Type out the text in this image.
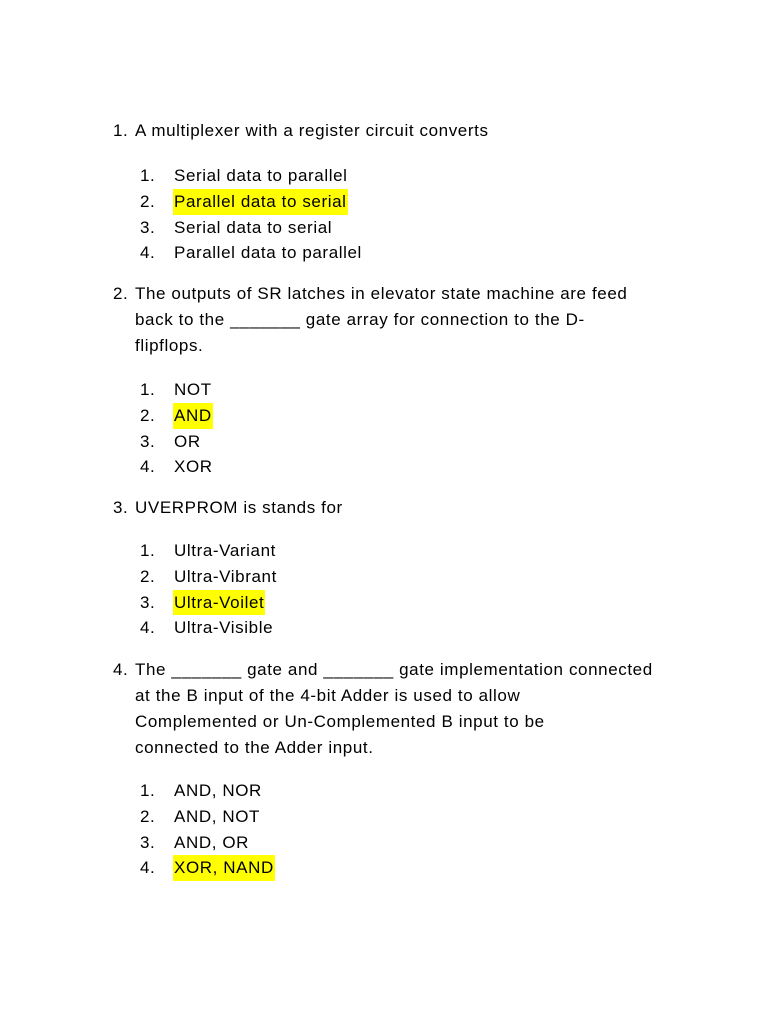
1. A multiplexer with a register circuit converts
1.	Serial data to parallel
2.	Parallel data to serial
3.	Serial data to serial
4.	Parallel data to parallel
2. The outputs of SR latches in elevator state machine are feed
back to the _______ gate array for connection to the D-
flipflops.
1.	NOT
2.	AND
3.	OR
4.	XOR
3. UVERPROM is stands for
1.	Ultra-Variant
2.	Ultra-Vibrant
3.	Ultra-Voilet
4.	Ultra-Visible
4. The _______ gate and _______ gate implementation connected
at the B input of the 4-bit Adder is used to allow
Complemented or Un-Complemented B input to be
connected to the Adder input.
1.	AND, NOR
2.	AND, NOT
3.	AND, OR
4.	XOR, NAND
